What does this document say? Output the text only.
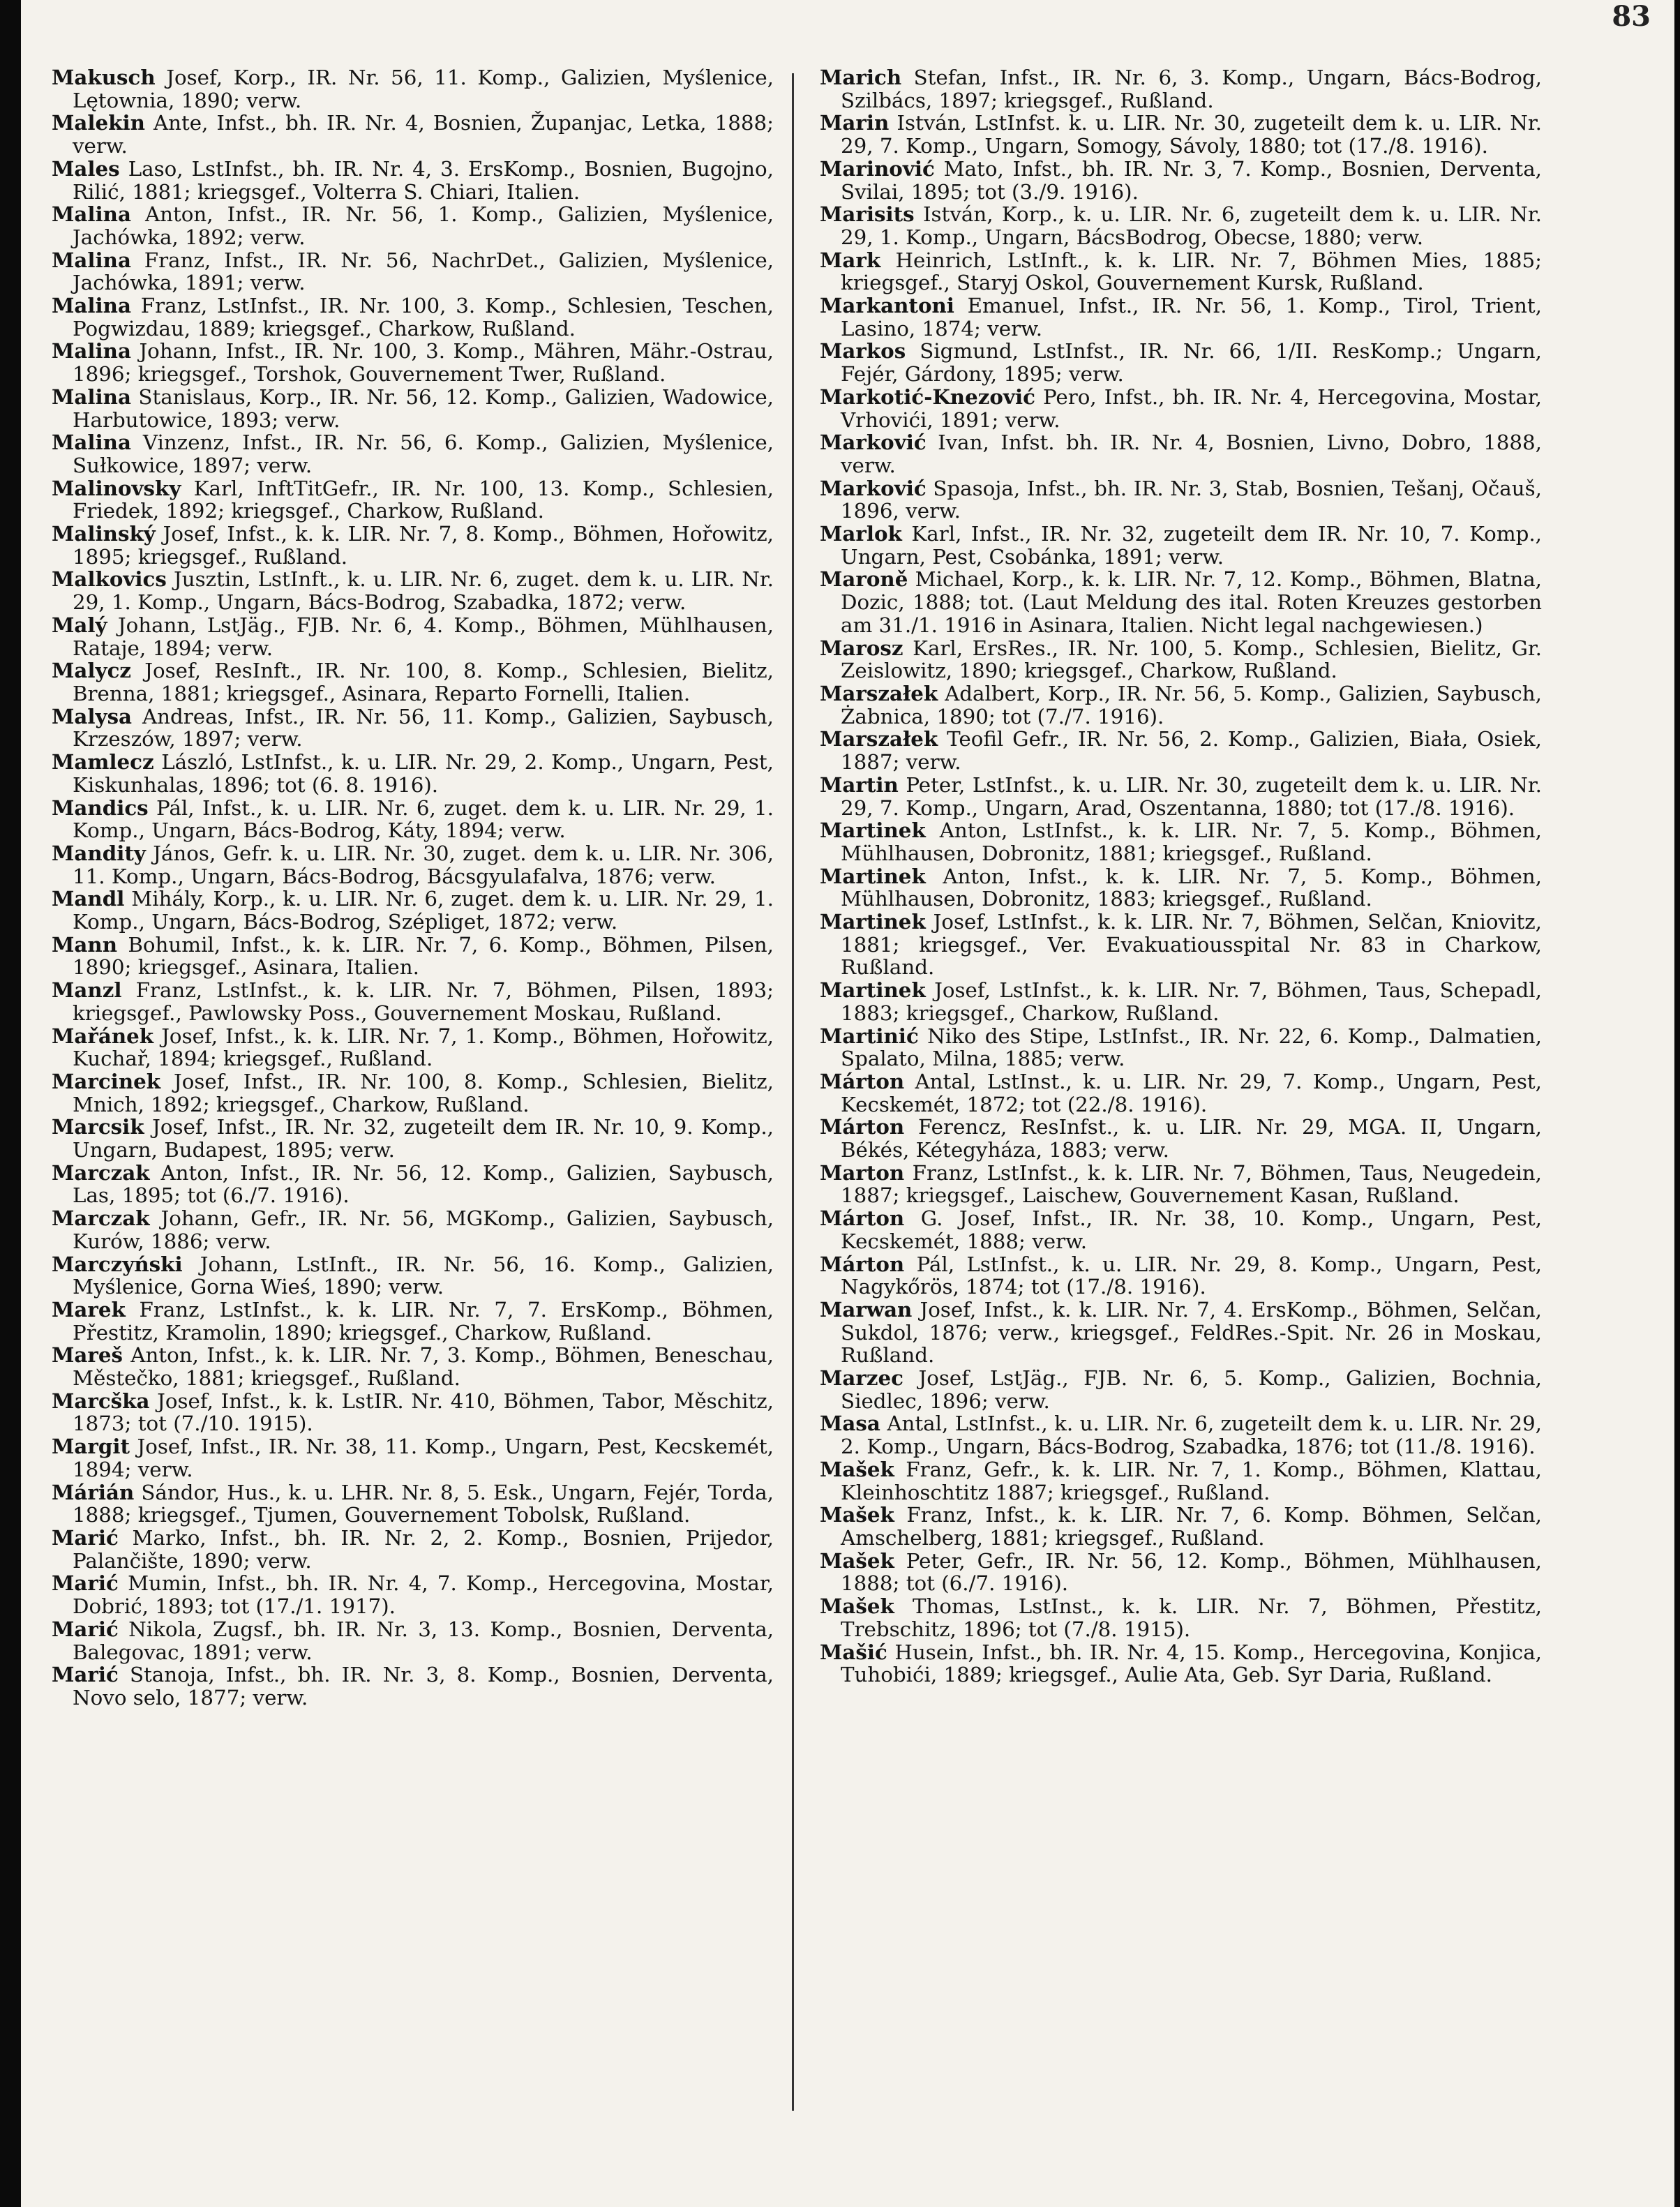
83

Makusch Josef, Korp., IR. Nr. 56, 11. Komp., Galizien, Myślenice, Lętownia, 1890; verw.

Malekin Ante, Infst., bh. IR. Nr. 4, Bosnien, Županjac, Letka, 1888; verw.

Males Laso, LstInfst., bh. IR. Nr. 4, 3. ErsKomp., Bosnien, Bugojno, Rilić, 1881; kriegsgef., Volterra S. Chiari, Italien.

Malina Anton, Infst., IR. Nr. 56, 1. Komp., Galizien, Myślenice, Jachówka, 1892; verw.

Malina Franz, Infst., IR. Nr. 56, NachrDet., Galizien, Myślenice, Jachówka, 1891; verw.

Malina Franz, LstInfst., IR. Nr. 100, 3. Komp., Schlesien, Teschen, Pogwizdau, 1889; kriegsgef., Charkow, Rußland.

Malina Johann, Infst., IR. Nr. 100, 3. Komp., Mähren, Mähr.-Ostrau, 1896; kriegsgef., Torshok, Gouvernement Twer, Rußland.

Malina Stanislaus, Korp., IR. Nr. 56, 12. Komp., Galizien, Wadowice, Harbutowice, 1893; verw.

Malina Vinzenz, Infst., IR. Nr. 56, 6. Komp., Galizien, Myślenice, Sułkowice, 1897; verw.

Malinovsky Karl, InftTitGefr., IR. Nr. 100, 13. Komp., Schlesien, Friedek, 1892; kriegsgef., Charkow, Rußland.

Malinský Josef, Infst., k. k. LIR. Nr. 7, 8. Komp., Böhmen, Hořowitz, 1895; kriegsgef., Rußland.

Malkovics Jusztin, LstInft., k. u. LIR. Nr. 6, zuget. dem k. u. LIR. Nr. 29, 1. Komp., Ungarn, Bács-Bodrog, Szabadka, 1872; verw.

Malý Johann, LstJäg., FJB. Nr. 6, 4. Komp., Böhmen, Mühlhausen, Rataje, 1894; verw.

Malycz Josef, ResInft., IR. Nr. 100, 8. Komp., Schlesien, Bielitz, Brenna, 1881; kriegsgef., Asinara, Reparto Fornelli, Italien.

Malysa Andreas, Infst., IR. Nr. 56, 11. Komp., Galizien, Saybusch, Krzeszów, 1897; verw.

Mamlecz László, LstInfst., k. u. LIR. Nr. 29, 2. Komp., Ungarn, Pest, Kiskunhalas, 1896; tot (6. 8. 1916).

Mandics Pál, Infst., k. u. LIR. Nr. 6, zuget. dem k. u. LIR. Nr. 29, 1. Komp., Ungarn, Bács-Bodrog, Káty, 1894; verw.

Mandity János, Gefr. k. u. LIR. Nr. 30, zuget. dem k. u. LIR. Nr. 306, 11. Komp., Ungarn, Bács-Bodrog, Bácsgyulafalva, 1876; verw.

Mandl Mihály, Korp., k. u. LIR. Nr. 6, zuget. dem k. u. LIR. Nr. 29, 1. Komp., Ungarn, Bács-Bodrog, Szépliget, 1872; verw.

Mann Bohumil, Infst., k. k. LIR. Nr. 7, 6. Komp., Böhmen, Pilsen, 1890; kriegsgef., Asinara, Italien.

Manzl Franz, LstInfst., k. k. LIR. Nr. 7, Böhmen, Pilsen, 1893; kriegsgef., Pawlowsky Poss., Gouvernement Moskau, Rußland.

Mařánek Josef, Infst., k. k. LIR. Nr. 7, 1. Komp., Böhmen, Hořowitz, Kuchař, 1894; kriegsgef., Rußland.

Marcinek Josef, Infst., IR. Nr. 100, 8. Komp., Schlesien, Bielitz, Mnich, 1892; kriegsgef., Charkow, Rußland.

Marcsik Josef, Infst., IR. Nr. 32, zugeteilt dem IR. Nr. 10, 9. Komp., Ungarn, Budapest, 1895; verw.

Marczak Anton, Infst., IR. Nr. 56, 12. Komp., Galizien, Saybusch, Las, 1895; tot (6./7. 1916).

Marczak Johann, Gefr., IR. Nr. 56, MGKomp., Galizien, Saybusch, Kurów, 1886; verw.

Marczyński Johann, LstInft., IR. Nr. 56, 16. Komp., Galizien, Myślenice, Gorna Wieś, 1890; verw.

Marek Franz, LstInfst., k. k. LIR. Nr. 7, 7. ErsKomp., Böhmen, Přestitz, Kramolin, 1890; kriegsgef., Charkow, Rußland.

Mareš Anton, Infst., k. k. LIR. Nr. 7, 3. Komp., Böhmen, Beneschau, Městečko, 1881; kriegsgef., Rußland.

Marcška Josef, Infst., k. k. LstIR. Nr. 410, Böhmen, Tabor, Měschitz, 1873; tot (7./10. 1915).

Margit Josef, Infst., IR. Nr. 38, 11. Komp., Ungarn, Pest, Kecskemét, 1894; verw.

Márián Sándor, Hus., k. u. LHR. Nr. 8, 5. Esk., Ungarn, Fejér, Torda, 1888; kriegsgef., Tjumen, Gouvernement Tobolsk, Rußland.

Marić Marko, Infst., bh. IR. Nr. 2, 2. Komp., Bosnien, Prijedor, Palančište, 1890; verw.

Marić Mumin, Infst., bh. IR. Nr. 4, 7. Komp., Hercegovina, Mostar, Dobrić, 1893; tot (17./1. 1917).

Marić Nikola, Zugsf., bh. IR. Nr. 3, 13. Komp., Bosnien, Derventa, Balegovac, 1891; verw.

Marić Stanoja, Infst., bh. IR. Nr. 3, 8. Komp., Bosnien, Derventa, Novo selo, 1877; verw.

Marich Stefan, Infst., IR. Nr. 6, 3. Komp., Ungarn, Bács-Bodrog, Szilbács, 1897; kriegsgef., Rußland.

Marin István, LstInfst. k. u. LIR. Nr. 30, zugeteilt dem k. u. LIR. Nr. 29, 7. Komp., Ungarn, Somogy, Sávoly, 1880; tot (17./8. 1916).

Marinović Mato, Infst., bh. IR. Nr. 3, 7. Komp., Bosnien, Derventa, Svilai, 1895; tot (3./9. 1916).

Marisits István, Korp., k. u. LIR. Nr. 6, zugeteilt dem k. u. LIR. Nr. 29, 1. Komp., Ungarn, BácsBodrog, Obecse, 1880; verw.

Mark Heinrich, LstInft., k. k. LIR. Nr. 7, Böhmen Mies, 1885; kriegsgef., Staryj Oskol, Gouvernement Kursk, Rußland.

Markantoni Emanuel, Infst., IR. Nr. 56, 1. Komp., Tirol, Trient, Lasino, 1874; verw.

Markos Sigmund, LstInfst., IR. Nr. 66, 1/II. ResKomp.; Ungarn, Fejér, Gárdony, 1895; verw.

Markotić-Knezović Pero, Infst., bh. IR. Nr. 4, Hercegovina, Mostar, Vrhovići, 1891; verw.

Marković Ivan, Infst. bh. IR. Nr. 4, Bosnien, Livno, Dobro, 1888, verw.

Marković Spasoja, Infst., bh. IR. Nr. 3, Stab, Bosnien, Tešanj, Očauš, 1896, verw.

Marlok Karl, Infst., IR. Nr. 32, zugeteilt dem IR. Nr. 10, 7. Komp., Ungarn, Pest, Csobánka, 1891; verw.

Maroně Michael, Korp., k. k. LIR. Nr. 7, 12. Komp., Böhmen, Blatna, Dozic, 1888; tot. (Laut Meldung des ital. Roten Kreuzes gestorben am 31./1. 1916 in Asinara, Italien. Nicht legal nachgewiesen.)

Marosz Karl, ErsRes., IR. Nr. 100, 5. Komp., Schlesien, Bielitz, Gr. Zeislowitz, 1890; kriegsgef., Charkow, Rußland.

Marszałek Adalbert, Korp., IR. Nr. 56, 5. Komp., Galizien, Saybusch, Żabnica, 1890; tot (7./7. 1916).

Marszałek Teofil Gefr., IR. Nr. 56, 2. Komp., Galizien, Biała, Osiek, 1887; verw.

Martin Peter, LstInfst., k. u. LIR. Nr. 30, zugeteilt dem k. u. LIR. Nr. 29, 7. Komp., Ungarn, Arad, Oszentanna, 1880; tot (17./8. 1916).

Martinek Anton, LstInfst., k. k. LIR. Nr. 7, 5. Komp., Böhmen, Mühlhausen, Dobronitz, 1881; kriegsgef., Rußland.

Martinek Anton, Infst., k. k. LIR. Nr. 7, 5. Komp., Böhmen, Mühlhausen, Dobronitz, 1883; kriegsgef., Rußland.

Martinek Josef, LstInfst., k. k. LIR. Nr. 7, Böhmen, Selčan, Kniovitz, 1881; kriegsgef., Ver. Evakuatiousspital Nr. 83 in Charkow, Rußland.

Martinek Josef, LstInfst., k. k. LIR. Nr. 7, Böhmen, Taus, Schepadl, 1883; kriegsgef., Charkow, Rußland.

Martinić Niko des Stipe, LstInfst., IR. Nr. 22, 6. Komp., Dalmatien, Spalato, Milna, 1885; verw.

Márton Antal, LstInst., k. u. LIR. Nr. 29, 7. Komp., Ungarn, Pest, Kecskemét, 1872; tot (22./8. 1916).

Márton Ferencz, ResInfst., k. u. LIR. Nr. 29, MGA. II, Ungarn, Békés, Kétegyháza, 1883; verw.

Marton Franz, LstInfst., k. k. LIR. Nr. 7, Böhmen, Taus, Neugedein, 1887; kriegsgef., Laischew, Gouvernement Kasan, Rußland.

Márton G. Josef, Infst., IR. Nr. 38, 10. Komp., Ungarn, Pest, Kecskemét, 1888; verw.

Márton Pál, LstInfst., k. u. LIR. Nr. 29, 8. Komp., Ungarn, Pest, Nagykőrös, 1874; tot (17./8. 1916).

Marwan Josef, Infst., k. k. LIR. Nr. 7, 4. ErsKomp., Böhmen, Selčan, Sukdol, 1876; verw., kriegsgef., FeldRes.-Spit. Nr. 26 in Moskau, Rußland.

Marzec Josef, LstJäg., FJB. Nr. 6, 5. Komp., Galizien, Bochnia, Siedlec, 1896; verw.

Masa Antal, LstInfst., k. u. LIR. Nr. 6, zugeteilt dem k. u. LIR. Nr. 29, 2. Komp., Ungarn, Bács-Bodrog, Szabadka, 1876; tot (11./8. 1916).

Mašek Franz, Gefr., k. k. LIR. Nr. 7, 1. Komp., Böhmen, Klattau, Kleinhoschtitz 1887; kriegsgef., Rußland.

Mašek Franz, Infst., k. k. LIR. Nr. 7, 6. Komp. Böhmen, Selčan, Amschelberg, 1881; kriegsgef., Rußland.

Mašek Peter, Gefr., IR. Nr. 56, 12. Komp., Böhmen, Mühlhausen, 1888; tot (6./7. 1916).

Mašek Thomas, LstInst., k. k. LIR. Nr. 7, Böhmen, Přestitz, Trebschitz, 1896; tot (7./8. 1915).

Mašić Husein, Infst., bh. IR. Nr. 4, 15. Komp., Hercegovina, Konjica, Tuhobići, 1889; kriegsgef., Aulie Ata, Geb. Syr Daria, Rußland.
